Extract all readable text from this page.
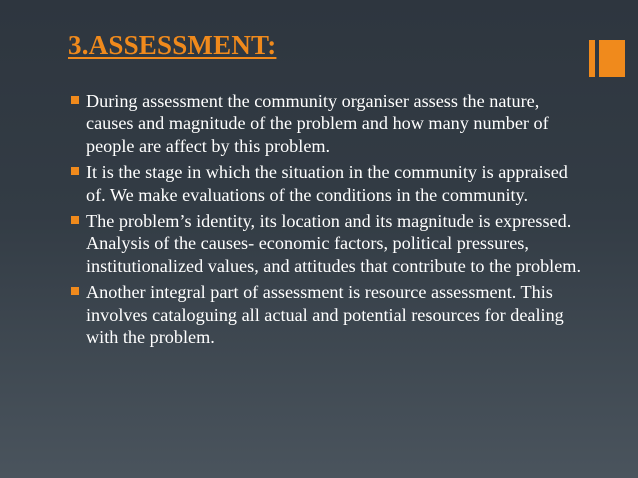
3.ASSESSMENT:
During assessment the community organiser assess the nature, causes and magnitude of the problem and how many number of people are affect by this problem.
It is the stage in which the situation in the community is appraised of. We make evaluations of the conditions in the community.
The problem’s identity, its location and its magnitude is expressed. Analysis of the causes- economic factors, political pressures, institutionalized values, and attitudes that contribute to the problem.
Another integral part of assessment is resource assessment. This involves cataloguing all actual and potential resources for dealing with the problem.
